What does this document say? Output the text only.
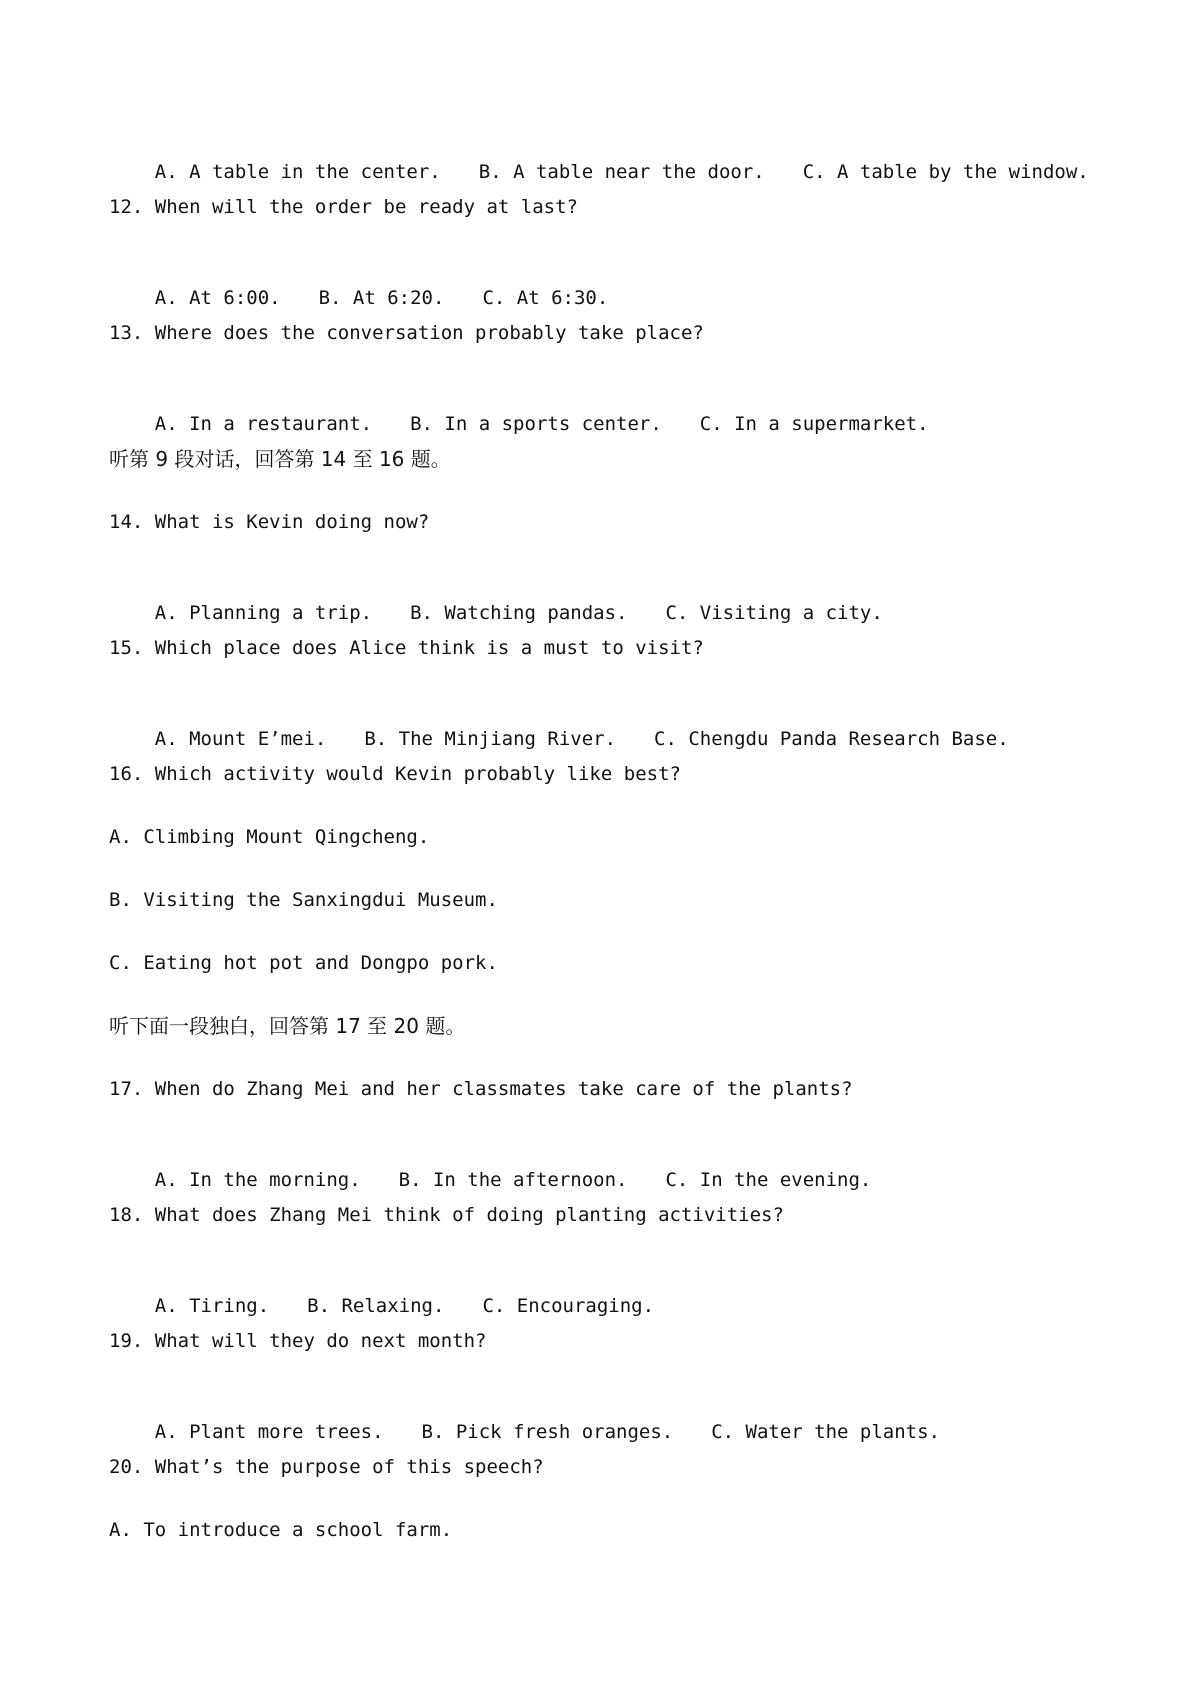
A. A table in the center. B. A table near the door. C. A table by the window.

12. When will the order be ready at last?

A. At 6:00. B. At 6:20. C. At 6:30.

13. Where does the conversation probably take place?

A. In a restaurant. B. In a sports center. C. In a supermarket.

听第 9 段对话，回答第 14 至 16 题。
14. What is Kevin doing now?

A. Planning a trip. B. Watching pandas. C. Visiting a city.

15. Which place does Alice think is a must to visit?

A. Mount E’mei. B. The Minjiang River. C. Chengdu Panda Research Base.

16. Which activity would Kevin probably like best?
A. Climbing Mount Qingcheng.
B. Visiting the Sanxingdui Museum.
C. Eating hot pot and Dongpo pork.
听下面一段独白，回答第 17 至 20 题。
17. When do Zhang Mei and her classmates take care of the plants?

A. In the morning. B. In the afternoon. C. In the evening.

18. What does Zhang Mei think of doing planting activities?

A. Tiring. B. Relaxing. C. Encouraging.

19. What will they do next month?

A. Plant more trees. B. Pick fresh oranges. C. Water the plants.

20. What’s the purpose of this speech?
A. To introduce a school farm.
